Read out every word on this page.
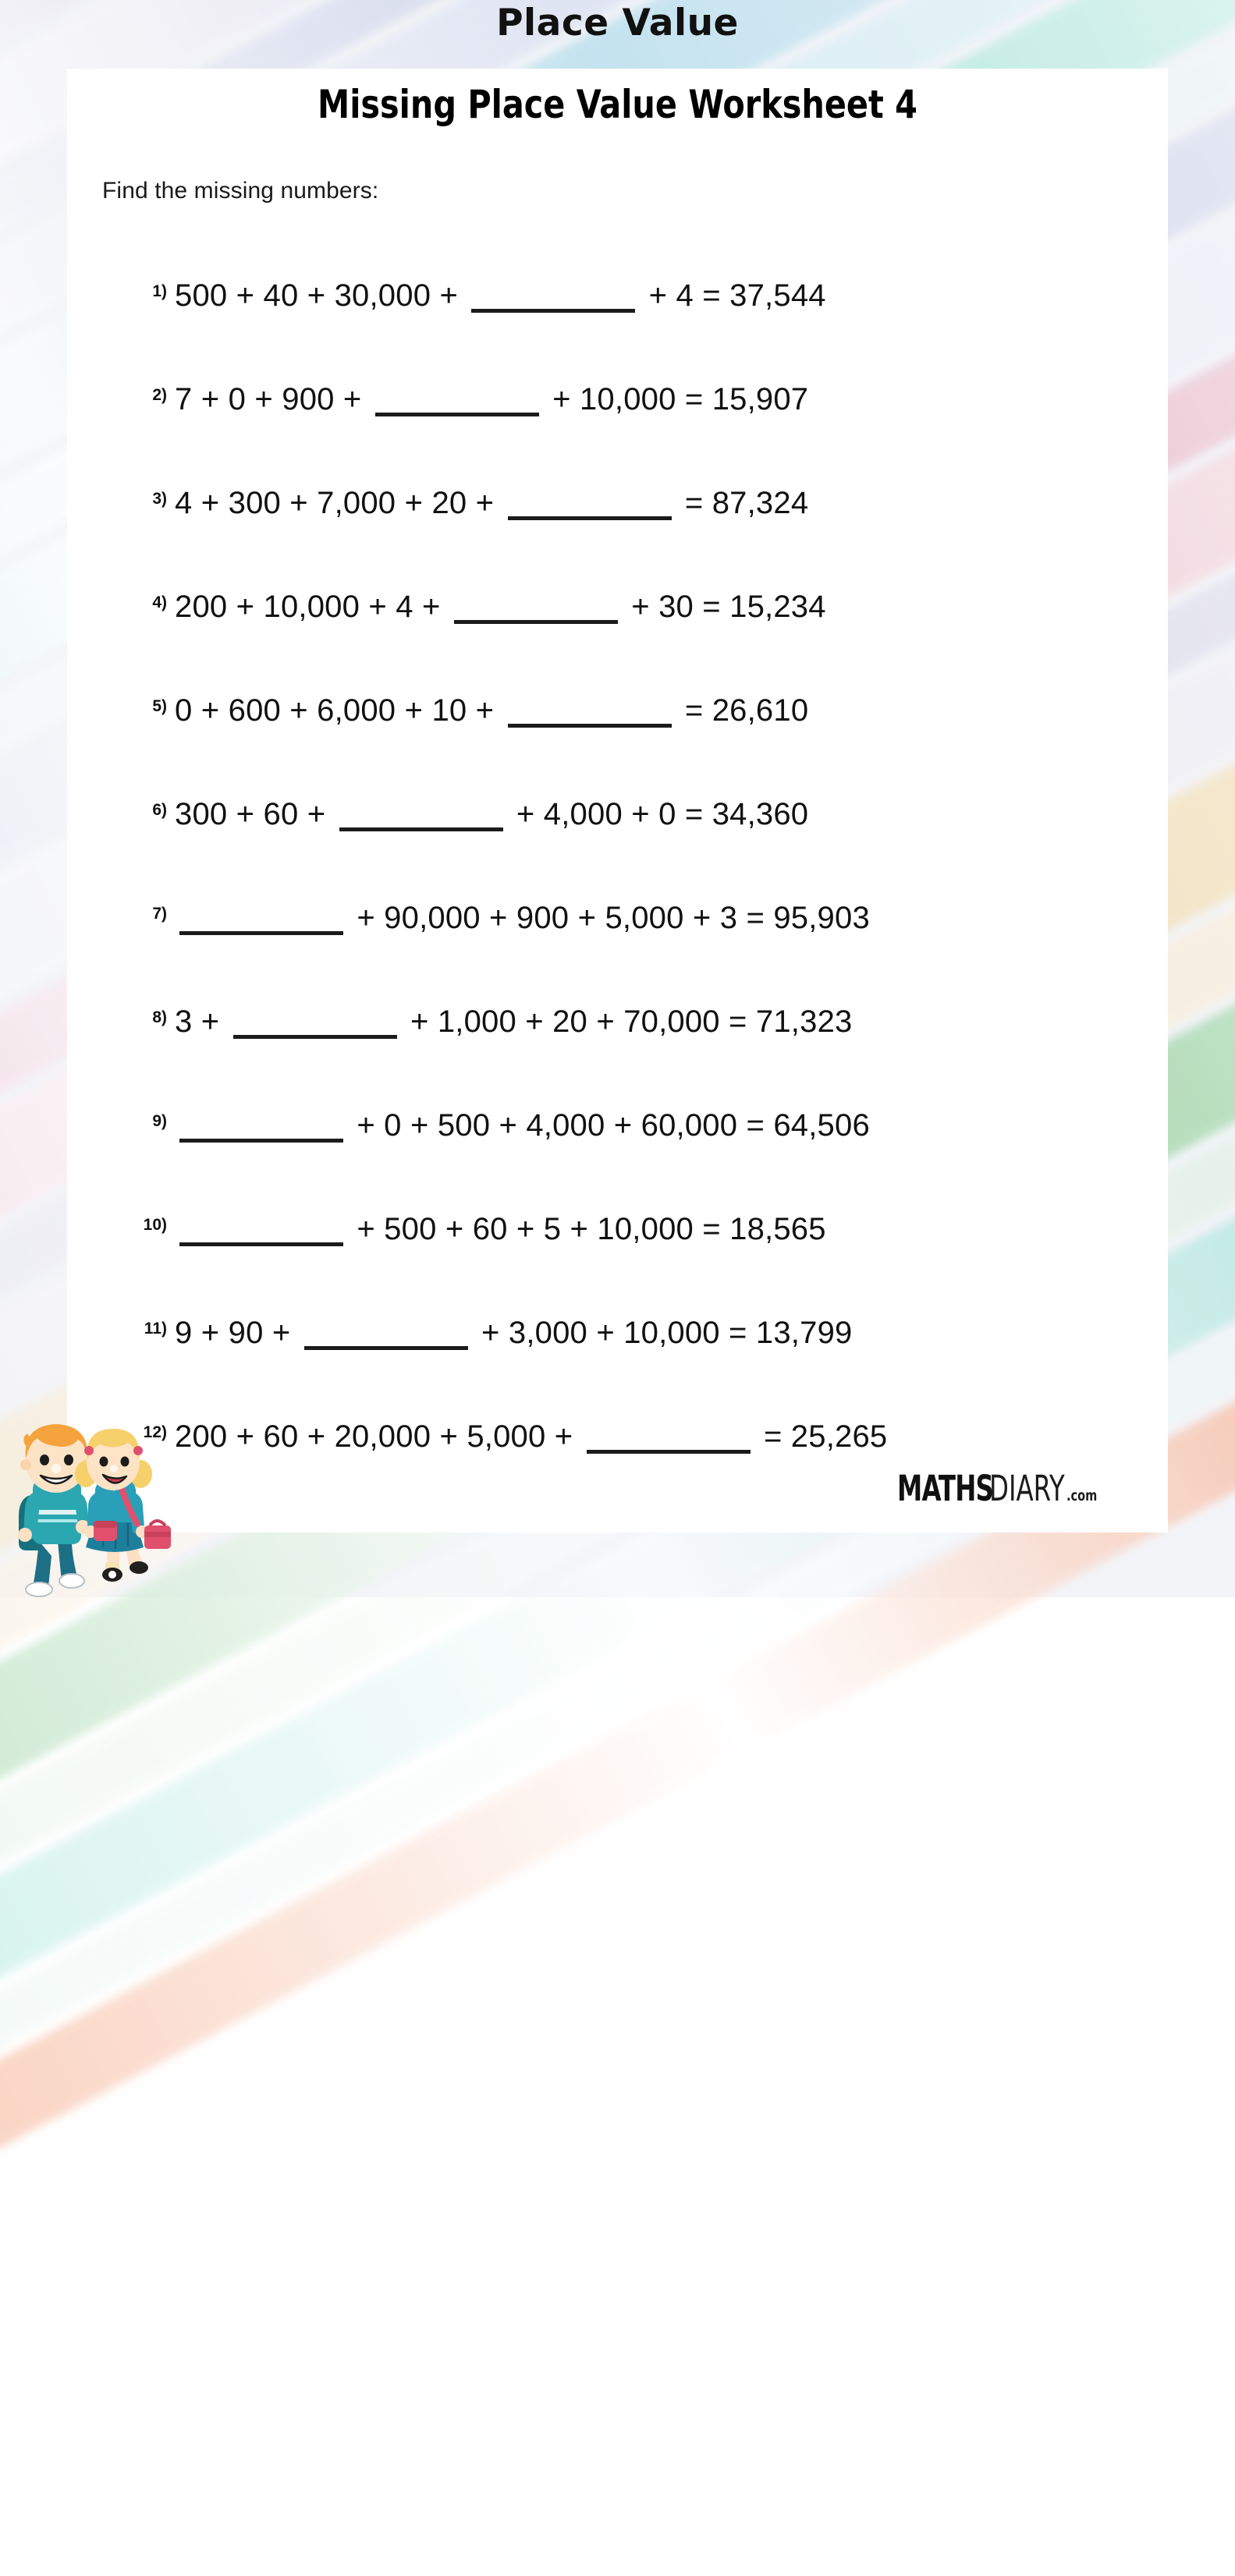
Place Value
Missing Place Value Worksheet 4
Find the missing numbers:
1) 500 + 40 + 30,000 +	+ 4 = 37,544
2) 7 + 0 + 900 +	+ 10,000 = 15,907
3) 4 + 300 + 7,000 + 20 +	= 87,324
4) 200 + 10,000 + 4 +	+ 30 = 15,234
5) 0 + 600 + 6,000 + 10 +	= 26,610
6) 300 + 60 +	+ 4,000 + 0 = 34,360
7)	+ 90,000 + 900 + 5,000 + 3 = 95,903
8) 3 +	+ 1,000 + 20 + 70,000 = 71,323
9)	+ 0 + 500 + 4,000 + 60,000 = 64,506
10)	+ 500 + 60 + 5 + 10,000 = 18,565
11) 9 + 90 +	+ 3,000 + 10,000 = 13,799
12) 200 + 60 + 20,000 + 5,000 +	= 25,265
MATHS
DIARY .com
